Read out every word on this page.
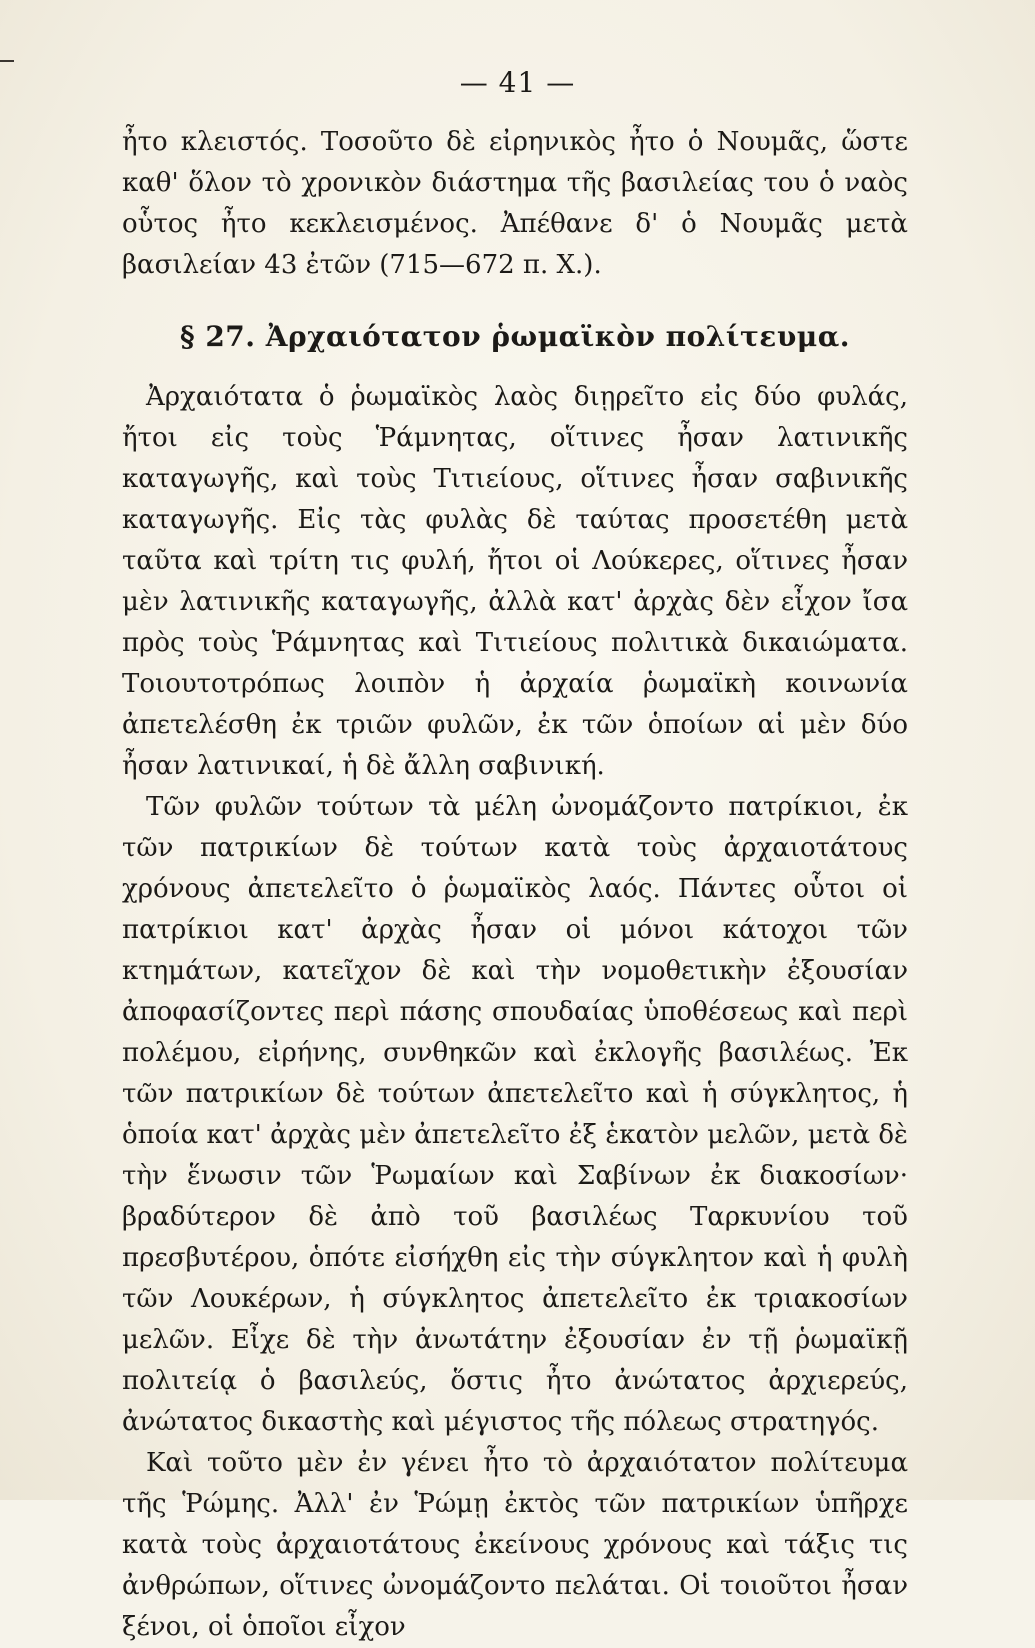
— 41 —

ἦτο κλειστός. Τοσοῦτο δὲ εἰρηνικὸς ἦτο ὁ Νουμᾶς, ὥστε καθ' ὅλον τὸ χρονικὸν διάστημα τῆς βασιλείας του ὁ ναὸς οὗτος ἦτο κεκλεισμένος. Ἀπέθανε δ' ὁ Νουμᾶς μετὰ βασιλείαν 43 ἐτῶν (715—672 π. Χ.).

§ 27. Ἀρχαιότατον ῥωμαϊκὸν πολίτευμα.

Ἀρχαιότατα ὁ ῥωμαϊκὸς λαὸς διῃρεῖτο εἰς δύο φυλάς, ἤτοι εἰς τοὺς Ῥάμνητας, οἵτινες ἦσαν λατινικῆς καταγωγῆς, καὶ τοὺς Τιτιείους, οἵτινες ἦσαν σαβινικῆς καταγωγῆς. Εἰς τὰς φυλὰς δὲ ταύτας προσετέθη μετὰ ταῦτα καὶ τρίτη τις φυλή, ἤτοι οἱ Λούκερες, οἵτινες ἦσαν μὲν λατινικῆς καταγωγῆς, ἀλλὰ κατ' ἀρχὰς δὲν εἶχον ἴσα πρὸς τοὺς Ῥάμνητας καὶ Τιτιείους πολιτικὰ δικαιώματα. Τοιουτοτρόπως λοιπὸν ἡ ἀρχαία ῥωμαϊκὴ κοινωνία ἀπετελέσθη ἐκ τριῶν φυλῶν, ἐκ τῶν ὁποίων αἱ μὲν δύο ἦσαν λατινικαί, ἡ δὲ ἄλλη σαβινική.

Τῶν φυλῶν τούτων τὰ μέλη ὠνομάζοντο πατρίκιοι, ἐκ τῶν πατρικίων δὲ τούτων κατὰ τοὺς ἀρχαιοτάτους χρόνους ἀπετελεῖτο ὁ ῥωμαϊκὸς λαός. Πάντες οὗτοι οἱ πατρίκιοι κατ' ἀρχὰς ἦσαν οἱ μόνοι κάτοχοι τῶν κτημάτων, κατεῖχον δὲ καὶ τὴν νομοθετικὴν ἐξουσίαν ἀποφασίζοντες περὶ πάσης σπουδαίας ὑποθέσεως καὶ περὶ πολέμου, εἰρήνης, συνθηκῶν καὶ ἐκλογῆς βασιλέως. Ἐκ τῶν πατρικίων δὲ τούτων ἀπετελεῖτο καὶ ἡ σύγκλητος, ἡ ὁποία κατ' ἀρχὰς μὲν ἀπετελεῖτο ἐξ ἑκατὸν μελῶν, μετὰ δὲ τὴν ἕνωσιν τῶν Ῥωμαίων καὶ Σαβίνων ἐκ διακοσίων· βραδύτερον δὲ ἀπὸ τοῦ βασιλέως Ταρκυνίου τοῦ πρεσβυτέρου, ὁπότε εἰσήχθη εἰς τὴν σύγκλητον καὶ ἡ φυλὴ τῶν Λουκέρων, ἡ σύγκλητος ἀπετελεῖτο ἐκ τριακοσίων μελῶν. Εἶχε δὲ τὴν ἀνωτάτην ἐξουσίαν ἐν τῇ ῥωμαϊκῇ πολιτείᾳ ὁ βασιλεύς, ὅστις ἦτο ἀνώτατος ἀρχιερεύς, ἀνώτατος δικαστὴς καὶ μέγιστος τῆς πόλεως στρατηγός.

Καὶ τοῦτο μὲν ἐν γένει ἦτο τὸ ἀρχαιότατον πολίτευμα τῆς Ῥώμης. Ἀλλ' ἐν Ῥώμῃ ἐκτὸς τῶν πατρικίων ὑπῆρχε κατὰ τοὺς ἀρχαιοτάτους ἐκείνους χρόνους καὶ τάξις τις ἀνθρώπων, οἵτινες ὠνομάζοντο πελάται. Οἱ τοιοῦτοι ἦσαν ξένοι, οἱ ὁποῖοι εἶχον
